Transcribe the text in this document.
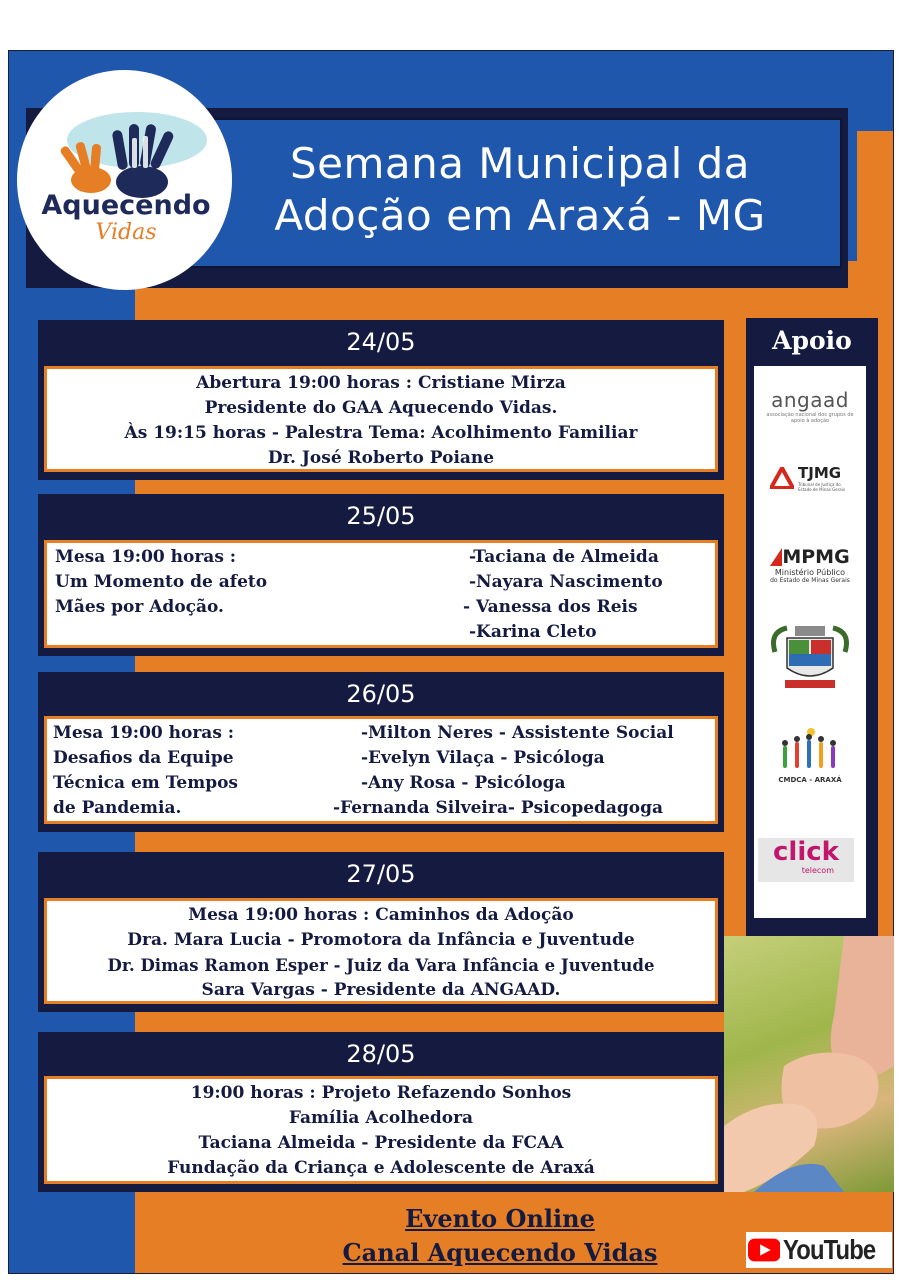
Semana Municipal da
Adoção em Araxá - MG
Aquecendo
Vidas
24/05
Abertura 19:00 horas : Cristiane Mirza
Presidente do GAA Aquecendo Vidas.
Às 19:15 horas - Palestra Tema: Acolhimento Familiar
Dr. José Roberto Poiane
25/05
Mesa 19:00 horas :
Um Momento de afeto
Mães por Adoção.
-Taciana de Almeida
-Nayara Nascimento
- Vanessa dos Reis
-Karina Cleto
26/05
Mesa 19:00 horas :
Desafios da Equipe
Técnica em Tempos
de Pandemia.
-Milton Neres - Assistente Social
-Evelyn Vilaça - Psicóloga
-Any Rosa - Psicóloga
-Fernanda Silveira- Psicopedagoga
27/05
Mesa 19:00 horas : Caminhos da Adoção
Dra. Mara Lucia - Promotora da Infância e Juventude
Dr. Dimas Ramon Esper - Juiz da Vara Infância e Juventude
Sara Vargas - Presidente da ANGAAD.
28/05
19:00 horas : Projeto Refazendo Sonhos
Família Acolhedora
Taciana Almeida - Presidente da FCAA
Fundação da Criança e Adolescente de Araxá
Apoio
angaad
associação nacional dos grupos de apoio à adoção
TJMG
Tribunal de Justiça do Estado de Minas Gerais
MPMG
Ministério Público
do Estado de Minas Gerais
CMDCA - ARAXÁ
click
telecom
Evento Online
Canal Aquecendo Vidas	YouTube
